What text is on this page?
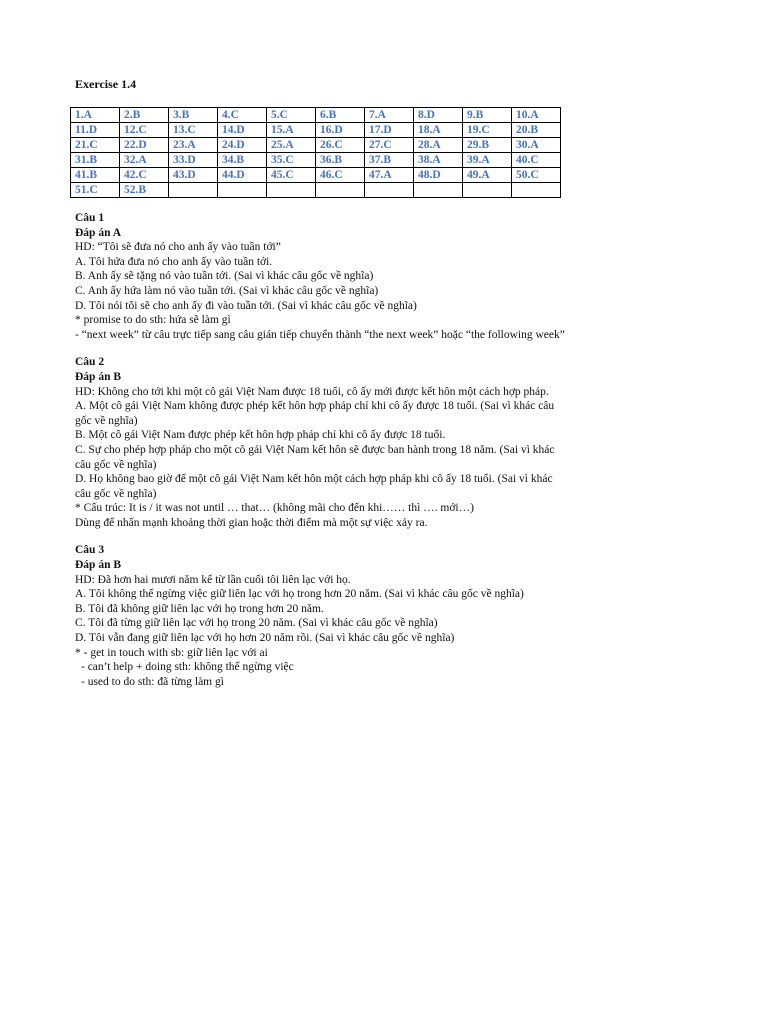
Exercise 1.4

1.A	2.B	3.B	4.C	5.C	6.B	7.A	8.D	9.B	10.A
11.D	12.C	13.C	14.D	15.A	16.D	17.D	18.A	19.C	20.B
21.C	22.D	23.A	24.D	25.A	26.C	27.C	28.A	29.B	30.A
31.B	32.A	33.D	34.B	35.C	36.B	37.B	38.A	39.A	40.C
41.B	42.C	43.D	44.D	45.C	46.C	47.A	48.D	49.A	50.C
51.C	52.B								

Câu 1

Đáp án A

HD: “Tôi sẽ đưa nó cho anh ấy vào tuần tới”

A. Tôi hứa đưa nó cho anh ấy vào tuần tới.

B. Anh ấy sẽ tặng nó vào tuần tới. (Sai vì khác câu gốc về nghĩa)

C. Anh ấy hứa làm nó vào tuần tới. (Sai vì khác câu gốc về nghĩa)

D. Tôi nói tôi sẽ cho anh ấy đi vào tuần tới. (Sai vì khác câu gốc về nghĩa)

* promise to do sth: hứa sẽ làm gì

- “next week” từ câu trực tiếp sang câu gián tiếp chuyển thành “the next week” hoặc “the following week”

Câu 2

Đáp án B

HD: Không cho tới khi một cô gái Việt Nam được 18 tuổi, cô ấy mới được kết hôn một cách hợp pháp.

A. Một cô gái Việt Nam không được phép kết hôn hợp pháp chỉ khi cô ấy được 18 tuổi. (Sai vì khác câu gốc về nghĩa)

B. Một cô gái Việt Nam được phép kết hôn hợp pháp chỉ khi cô ấy được 18 tuổi.

C. Sự cho phép hợp pháp cho một cô gái Việt Nam kết hôn sẽ được ban hành trong 18 năm. (Sai vì khác câu gốc về nghĩa)

D. Họ không bao giờ để một cô gái Việt Nam kết hôn một cách hợp pháp khi cô ấy 18 tuổi. (Sai vì khác câu gốc về nghĩa)

* Cấu trúc: It is / it was not until … that… (không mãi cho đến khi…… thì …. mới…)

Dùng để nhấn mạnh khoảng thời gian hoặc thời điểm mà một sự việc xảy ra.

Câu 3

Đáp án B

HD: Đã hơn hai mươi năm kể từ lần cuối tôi liên lạc với họ.

A. Tôi không thể ngừng việc giữ liên lạc với họ trong hơn 20 năm. (Sai vì khác câu gốc về nghĩa)

B. Tôi đã không giữ liên lạc với họ trong hơn 20 năm.

C. Tôi đã từng giữ liên lạc với họ trong 20 năm. (Sai vì khác câu gốc về nghĩa)

D. Tôi vẫn đang giữ liên lạc với họ hơn 20 năm rồi. (Sai vì khác câu gốc về nghĩa)

* - get in touch with sb: giữ liên lạc với ai

- can’t help + doing sth: không thể ngừng việc

- used to do sth: đã từng làm gì
